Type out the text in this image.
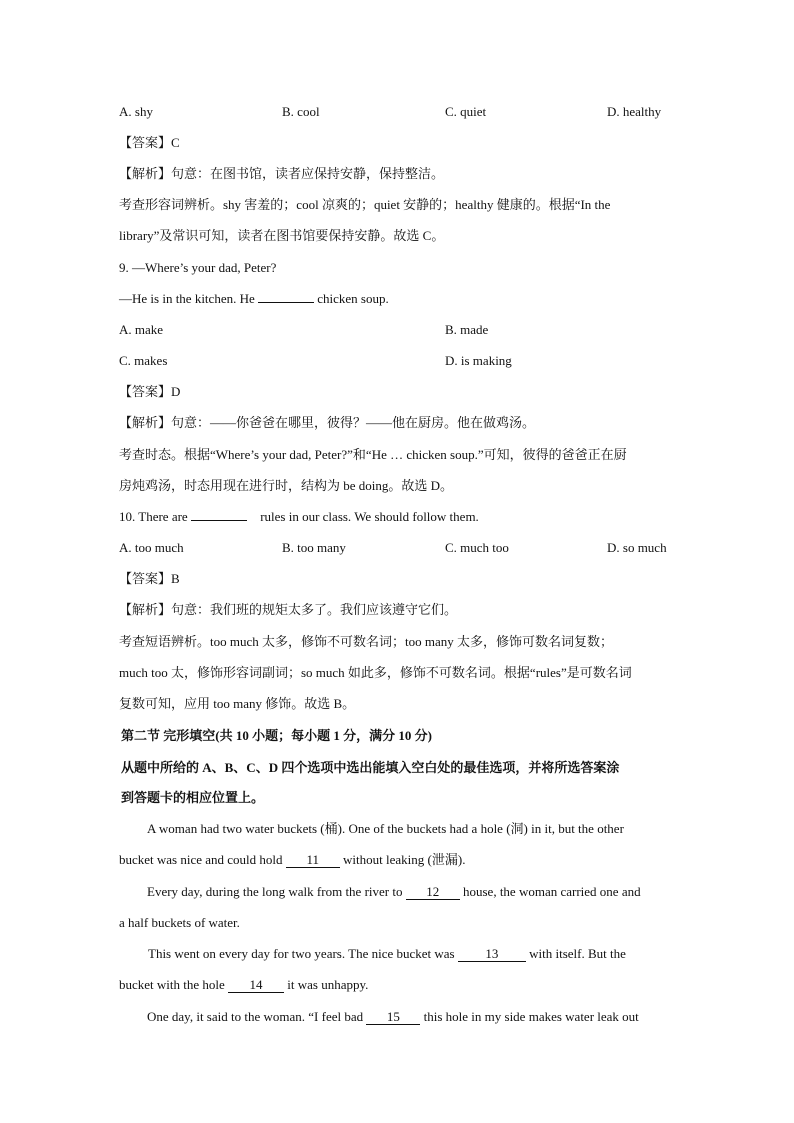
A. shy	B. cool	C. quiet	D. healthy
【答案】C
【解析】句意：在图书馆，读者应保持安静，保持整洁。
考查形容词辨析。shy 害羞的；cool 凉爽的；quiet 安静的；healthy 健康的。根据“In the
library”及常识可知，读者在图书馆要保持安静。故选 C。
9. —Where’s your dad, Peter?
—He is in the kitchen. He	chicken soup.
A. make	B. made
C. makes	D. is making
【答案】D
【解析】句意：——你爸爸在哪里，彼得？——他在厨房。他在做鸡汤。
考查时态。根据“Where’s your dad, Peter?”和“He … chicken soup.”可知，彼得的爸爸正在厨
房炖鸡汤，时态用现在进行时，结构为 be doing。故选 D。
10. There are	rules in our class. We should follow them.
A. too much	B. too many	C. much too	D. so much
【答案】B
【解析】句意：我们班的规矩太多了。我们应该遵守它们。
考查短语辨析。too much 太多，修饰不可数名词；too many 太多，修饰可数名词复数；
much too 太，修饰形容词副词；so much 如此多，修饰不可数名词。根据“rules”是可数名词
复数可知，应用 too many 修饰。故选 B。
第二节 完形填空(共 10 小题；每小题 1 分，满分 10 分)
从题中所给的 A、B、C、D 四个选项中选出能填入空白处的最佳选项，并将所选答案涂
到答题卡的相应位置上。
A woman had two water buckets (桶). One of the buckets had a hole (洞) in it, but the other
bucket was nice and could hold 11 without leaking (泄漏).
Every day, during the long walk from the river to 12 house, the woman carried one and
a half buckets of water.
This went on every day for two years. The nice bucket was 13 with itself. But the
bucket with the hole 14 it was unhappy.
One day, it said to the woman. “I feel bad 15 this hole in my side makes water leak out
